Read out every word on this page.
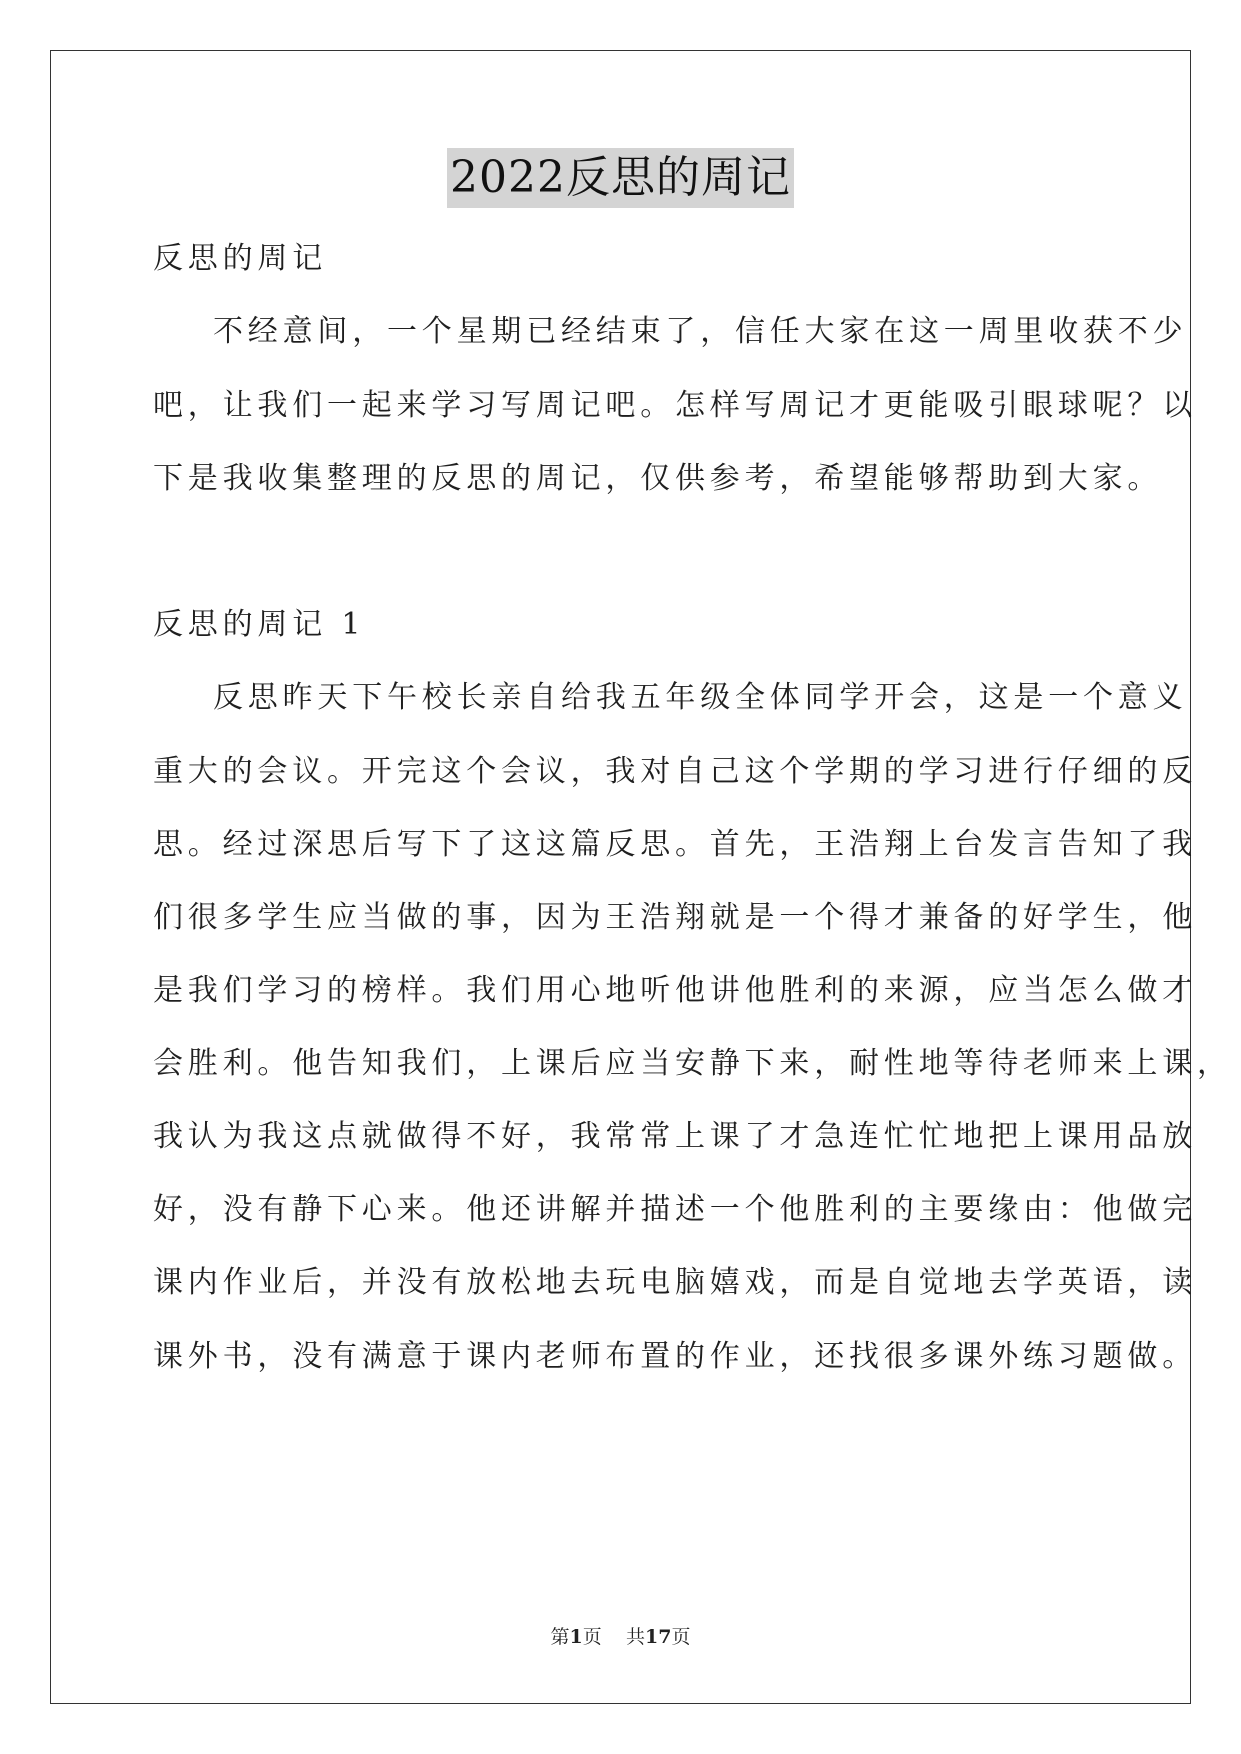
2022反思的周记
反思的周记
不经意间，一个星期已经结束了，信任大家在这一周里收获不少
吧，让我们一起来学习写周记吧。怎样写周记才更能吸引眼球呢？以
下是我收集整理的反思的周记，仅供参考，希望能够帮助到大家。
反思的周记 1
反思昨天下午校长亲自给我五年级全体同学开会，这是一个意义
重大的会议。开完这个会议，我对自己这个学期的学习进行仔细的反
思。经过深思后写下了这这篇反思。首先，王浩翔上台发言告知了我
们很多学生应当做的事，因为王浩翔就是一个得才兼备的好学生，他
是我们学习的榜样。我们用心地听他讲他胜利的来源，应当怎么做才
会胜利。他告知我们，上课后应当安静下来，耐性地等待老师来上课，
我认为我这点就做得不好，我常常上课了才急连忙忙地把上课用品放
好，没有静下心来。他还讲解并描述一个他胜利的主要缘由：他做完
课内作业后，并没有放松地去玩电脑嬉戏，而是自觉地去学英语，读
课外书，没有满意于课内老师布置的作业，还找很多课外练习题做。
第1页 共17页
